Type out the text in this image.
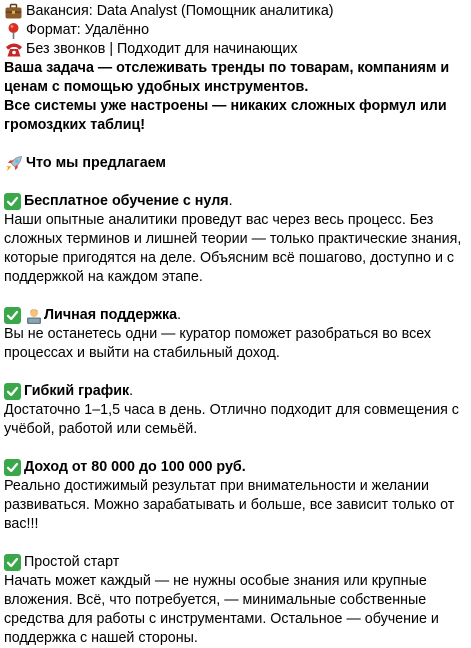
Вакансия: Data Analyst (Помощник аналитика)
Формат: Удалённо
Без звонков | Подходит для начинающих
Ваша задача — отслеживать тренды по товарам, компаниям и ценам с помощью удобных инструментов.
Все системы уже настроены — никаких сложных формул или громоздких таблиц!
Что мы предлагаем
Бесплатное обучение с нуля .
Наши опытные аналитики проведут вас через весь процесс. Без сложных терминов и лишней теории — только практические знания, которые пригодятся на деле. Объясним всё пошагово, доступно и с поддержкой на каждом этапе.
Личная поддержка .
Вы не останетесь одни — куратор поможет разобраться во всех процессах и выйти на стабильный доход.
Гибкий график .
Достаточно 1–1,5 часа в день. Отлично подходит для совмещения с учёбой, работой или семьёй.
Доход от 80 000 до 100 000 руб.
Реально достижимый результат при внимательности и желании развиваться. Можно зарабатывать и больше, все зависит только от вас!!!
Простой старт
Начать может каждый — не нужны особые знания или крупные вложения. Всё, что потребуется, — минимальные собственные средства для работы с инструментами. Остальное — обучение и поддержка с нашей стороны.
